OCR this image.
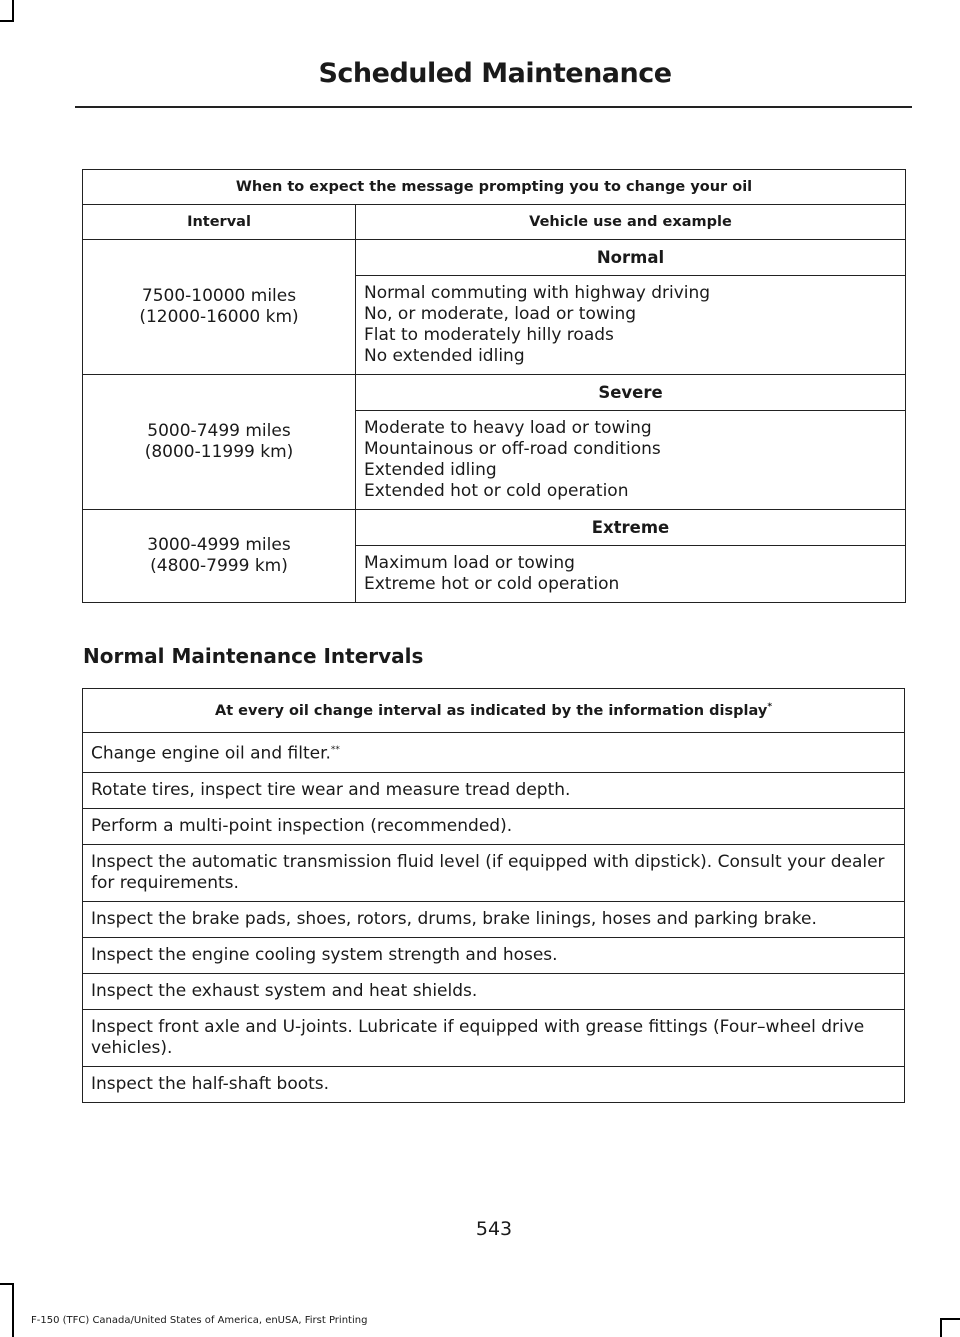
Scheduled Maintenance
When to expect the message prompting you to change your oil	
Interval	Vehicle use and example

7500-10000 miles
(12000-16000 km)	Normal

	Normal commuting with highway driving
No, or moderate, load or towing
Flat to moderately hilly roads
No extended idling

5000-7499 miles
(8000-11999 km)	Severe

	Moderate to heavy load or towing
Mountainous or off-road conditions
Extended idling
Extended hot or cold operation

3000-4999 miles
(4800-7999 km)	Extreme

	Maximum load or towing
Extreme hot or cold operation
Normal Maintenance Intervals
At every oil change interval as indicated by the information display*
Change engine oil and filter.**
Rotate tires, inspect tire wear and measure tread depth.
Perform a multi-point inspection (recommended).
Inspect the automatic transmission fluid level (if equipped with dipstick). Consult your dealer for requirements.
Inspect the brake pads, shoes, rotors, drums, brake linings, hoses and parking brake.
Inspect the engine cooling system strength and hoses.
Inspect the exhaust system and heat shields.
Inspect front axle and U-joints. Lubricate if equipped with grease fittings (Four–wheel drive vehicles).
Inspect the half-shaft boots.
543
F-150 (TFC) Canada/United States of America, enUSA, First Printing
